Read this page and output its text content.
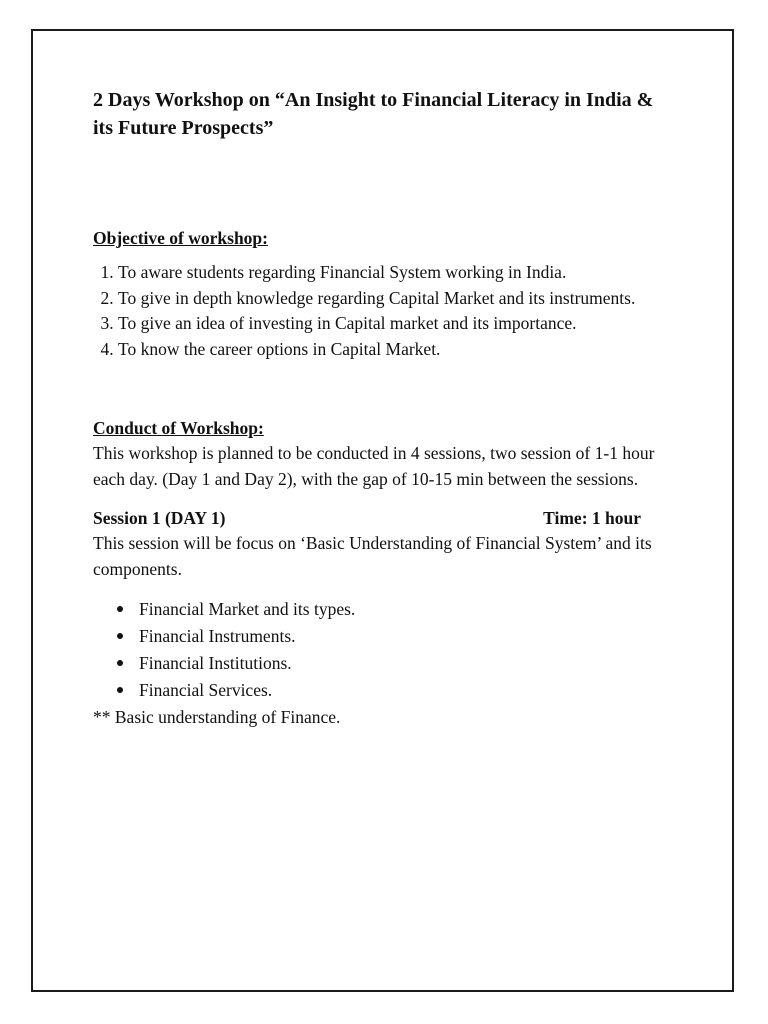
2 Days Workshop on “An Insight to Financial Literacy in India & its Future Prospects”
Objective of workshop:
1. To aware students regarding Financial System working in India.
2. To give in depth knowledge regarding Capital Market and its instruments.
3. To give an idea of investing in Capital market and its importance.
4. To know the career options in Capital Market.
Conduct of Workshop:

This workshop is planned to be conducted in 4 sessions, two session of 1-1 hour each day. (Day 1 and Day 2), with the gap of 10-15 min between the sessions.

Session 1 (DAY 1)	Time: 1 hour

This session will be focus on ‘Basic Understanding of Financial System’ and its components.

Financial Market and its types.
Financial Instruments.
Financial Institutions.
Financial Services.

** Basic understanding of Finance.
